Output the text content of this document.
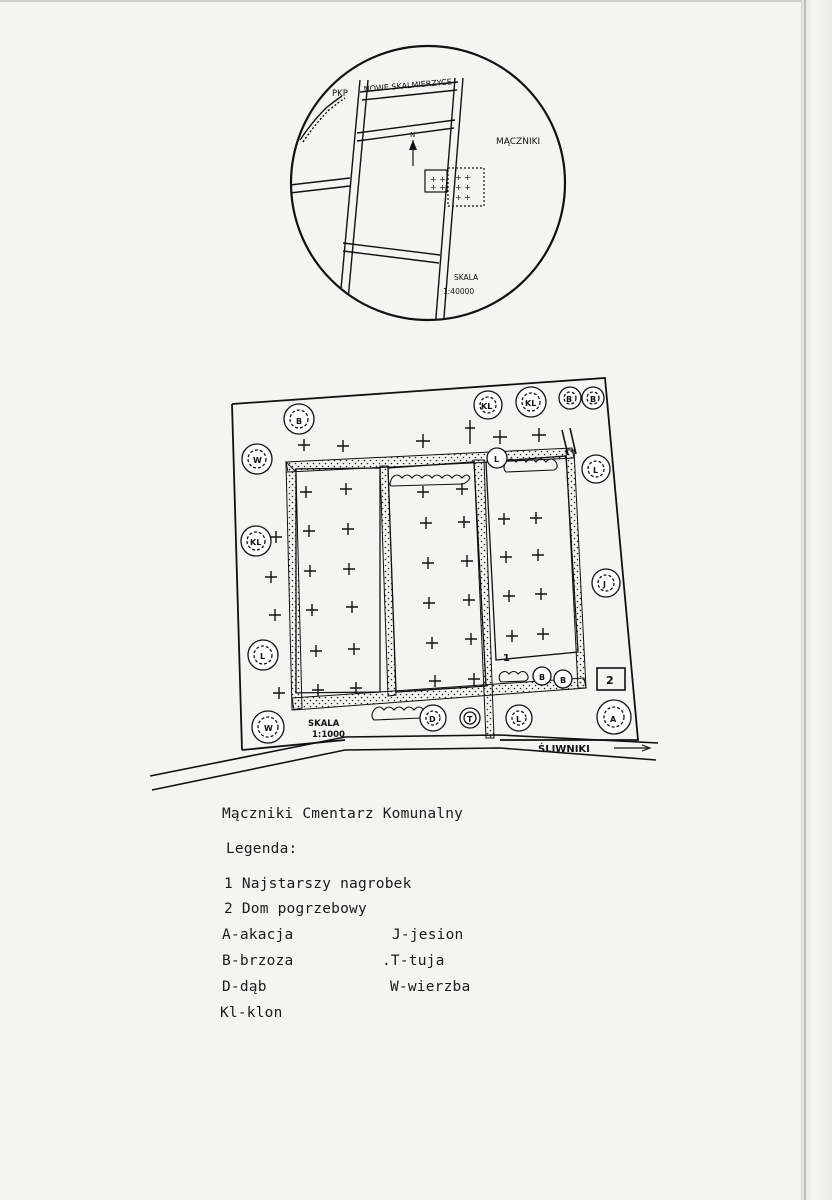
+ +
+ +
+ +
+ +
+ +
N
PKP
NOWE SKALMIERZYCE
MĄCZNIKI
SKALA
1:40000
ŚLIWNIKI
SKALA
1:1000
2
1
B
W
KL
L
W
KL	KL	B B
L
J
A
L
D	T	L
B B
Mączniki Cmentarz Komunalny
Legenda:
1 Najstarszy nagrobek
2 Dom pogrzebowy
A-akacja
B-brzoza
D-dąb
Kl-klon
J-jesion
.T-tuja
W-wierzba
